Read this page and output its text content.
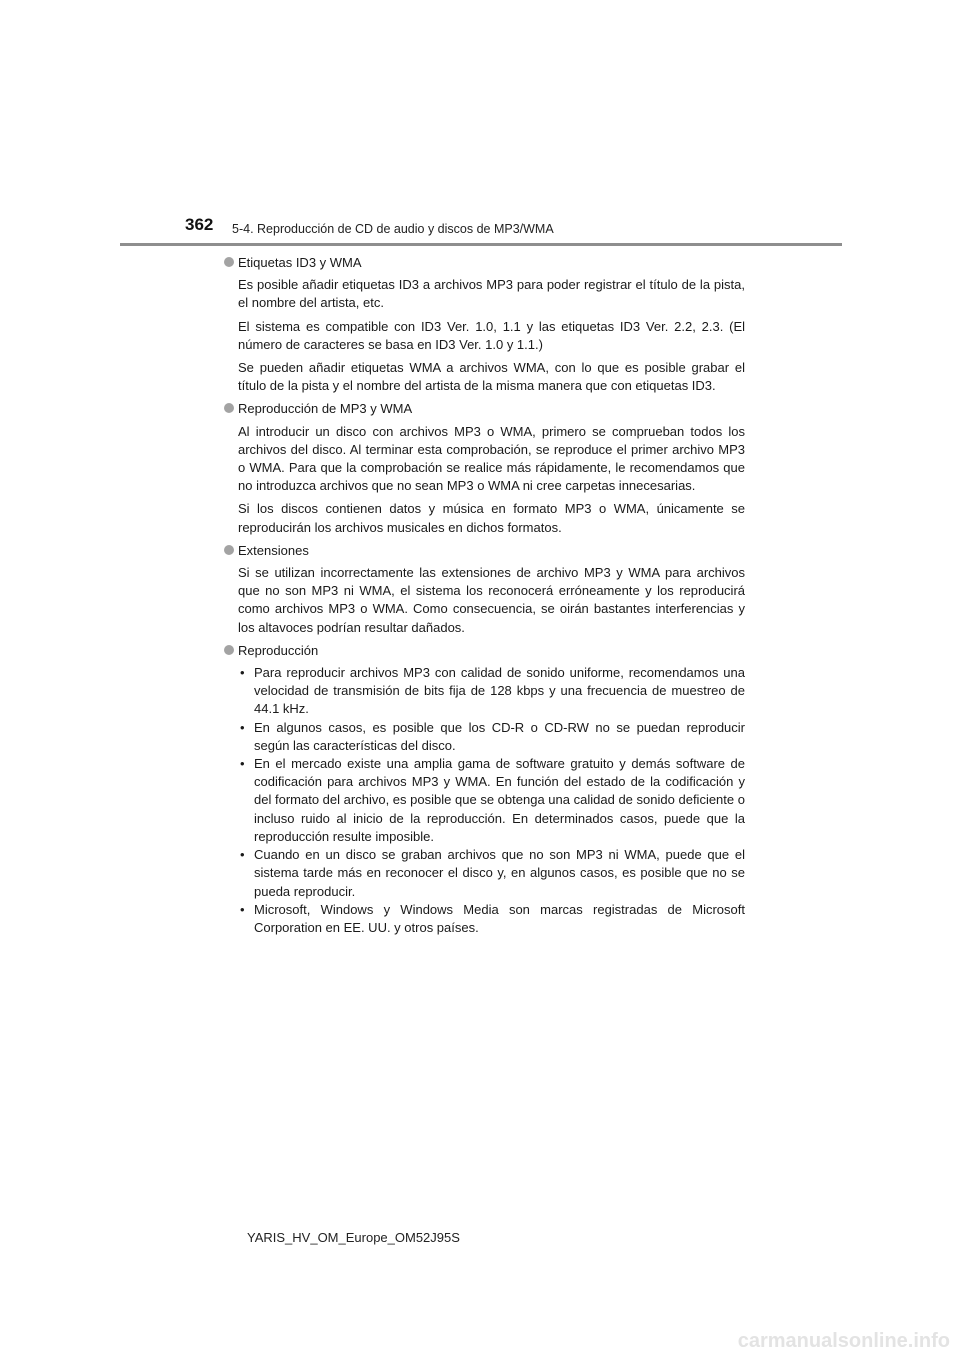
362 5-4. Reproducción de CD de audio y discos de MP3/WMA
Etiquetas ID3 y WMA

Es posible añadir etiquetas ID3 a archivos MP3 para poder registrar el título de la pista, el nombre del artista, etc.

El sistema es compatible con ID3 Ver. 1.0, 1.1 y las etiquetas ID3 Ver. 2.2, 2.3. (El número de caracteres se basa en ID3 Ver. 1.0 y 1.1.)

Se pueden añadir etiquetas WMA a archivos WMA, con lo que es posible grabar el título de la pista y el nombre del artista de la misma manera que con etiquetas ID3.

Reproducción de MP3 y WMA

Al introducir un disco con archivos MP3 o WMA, primero se comprueban todos los archivos del disco. Al terminar esta comprobación, se reproduce el primer archivo MP3 o WMA. Para que la comprobación se realice más rápidamente, le recomendamos que no introduzca archivos que no sean MP3 o WMA ni cree carpetas innecesarias.

Si los discos contienen datos y música en formato MP3 o WMA, únicamente se reproducirán los archivos musicales en dichos formatos.

Extensiones

Si se utilizan incorrectamente las extensiones de archivo MP3 y WMA para archivos que no son MP3 ni WMA, el sistema los reconocerá erróneamente y los reproducirá como archivos MP3 o WMA. Como consecuencia, se oirán bastantes interferencias y los altavoces podrían resultar dañados.

Reproducción
• Para reproducir archivos MP3 con calidad de sonido uniforme, recomendamos una velocidad de transmisión de bits fija de 128 kbps y una frecuencia de muestreo de 44.1 kHz.
• En algunos casos, es posible que los CD-R o CD-RW no se puedan reproducir según las características del disco.
• En el mercado existe una amplia gama de software gratuito y demás software de codificación para archivos MP3 y WMA. En función del estado de la codificación y del formato del archivo, es posible que se obtenga una calidad de sonido deficiente o incluso ruido al inicio de la reproducción. En determinados casos, puede que la reproducción resulte imposible.
• Cuando en un disco se graban archivos que no son MP3 ni WMA, puede que el sistema tarde más en reconocer el disco y, en algunos casos, es posible que no se pueda reproducir.
• Microsoft, Windows y Windows Media son marcas registradas de Microsoft Corporation en EE. UU. y otros países.
YARIS_HV_OM_Europe_OM52J95S
carmanualsonline.info
